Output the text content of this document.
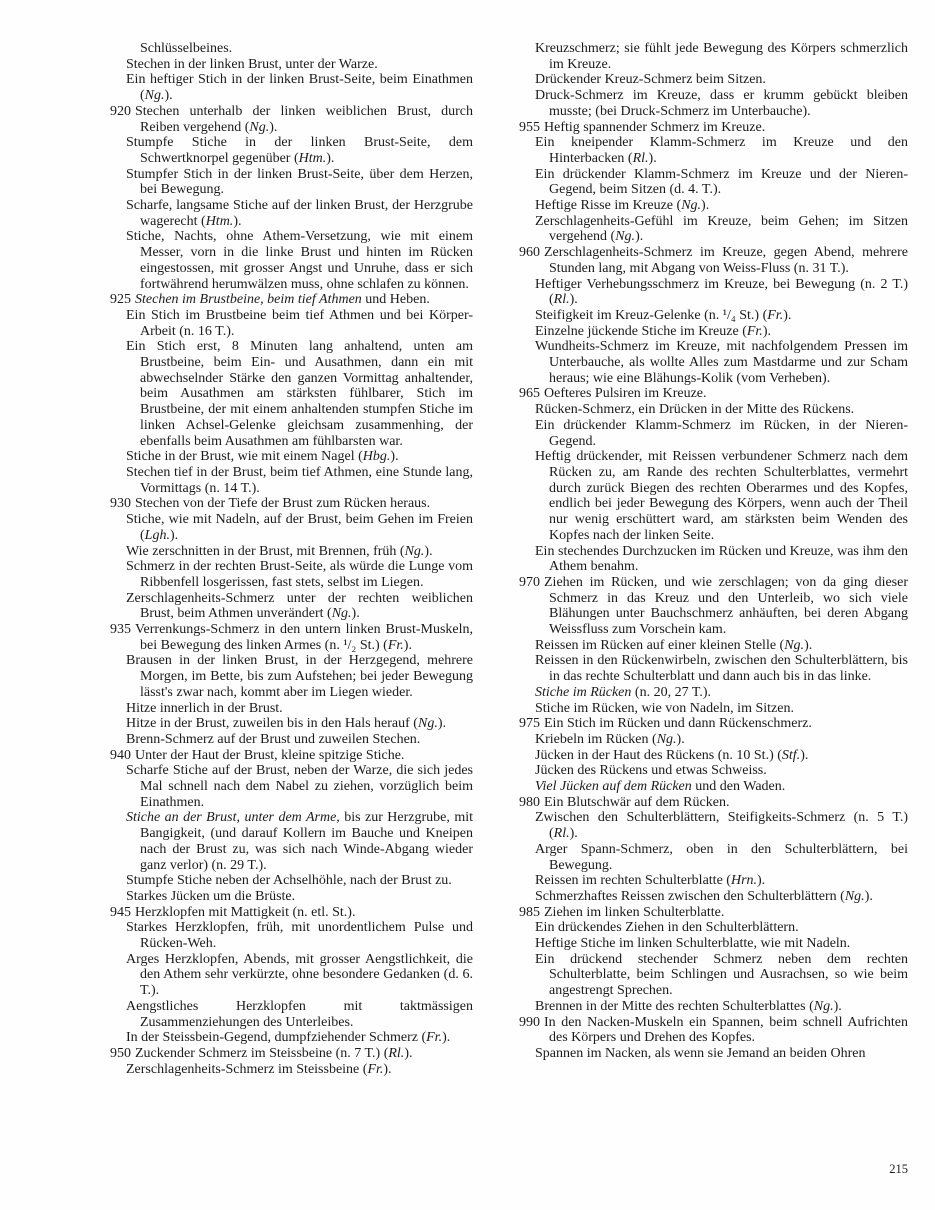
Schlüsselbeines.

Stechen in der linken Brust, unter der Warze.

Ein heftiger Stich in der linken Brust-Seite, beim Einathmen (Ng.).

920 Stechen unterhalb der linken weiblichen Brust, durch Reiben vergehend (Ng.).

Stumpfe Stiche in der linken Brust-Seite, dem Schwertknorpel gegenüber (Htm.).

Stumpfer Stich in der linken Brust-Seite, über dem Herzen, bei Bewegung.

Scharfe, langsame Stiche auf der linken Brust, der Herzgrube wagerecht (Htm.).

Stiche, Nachts, ohne Athem-Versetzung, wie mit einem Messer, vorn in die linke Brust und hinten im Rücken eingestossen, mit grosser Angst und Unruhe, dass er sich fortwährend herumwälzen muss, ohne schlafen zu können.

925 Stechen im Brustbeine, beim tief Athmen und Heben.

Ein Stich im Brustbeine beim tief Athmen und bei Körper-Arbeit (n. 16 T.).

Ein Stich erst, 8 Minuten lang anhaltend, unten am Brustbeine, beim Ein- und Ausathmen, dann ein mit abwechselnder Stärke den ganzen Vormittag anhaltender, beim Ausathmen am stärksten fühlbarer, Stich im Brustbeine, der mit einem anhaltenden stumpfen Stiche im linken Achsel-Gelenke gleichsam zusammenhing, der ebenfalls beim Ausathmen am fühlbarsten war.

Stiche in der Brust, wie mit einem Nagel (Hbg.).

Stechen tief in der Brust, beim tief Athmen, eine Stunde lang, Vormittags (n. 14 T.).

930 Stechen von der Tiefe der Brust zum Rücken heraus.

Stiche, wie mit Nadeln, auf der Brust, beim Gehen im Freien (Lgh.).

Wie zerschnitten in der Brust, mit Brennen, früh (Ng.).

Schmerz in der rechten Brust-Seite, als würde die Lunge vom Ribbenfell losgerissen, fast stets, selbst im Liegen.

Zerschlagenheits-Schmerz unter der rechten weiblichen Brust, beim Athmen unverändert (Ng.).

935 Verrenkungs-Schmerz in den untern linken Brust-Muskeln, bei Bewegung des linken Armes (n. ¹/₂ St.) (Fr.).

Brausen in der linken Brust, in der Herzgegend, mehrere Morgen, im Bette, bis zum Aufstehen; bei jeder Bewegung lässt's zwar nach, kommt aber im Liegen wieder.

Hitze innerlich in der Brust.

Hitze in der Brust, zuweilen bis in den Hals herauf (Ng.).

Brenn-Schmerz auf der Brust und zuweilen Stechen.

940 Unter der Haut der Brust, kleine spitzige Stiche.

Scharfe Stiche auf der Brust, neben der Warze, die sich jedes Mal schnell nach dem Nabel zu ziehen, vorzüglich beim Einathmen.

Stiche an der Brust, unter dem Arme, bis zur Herzgrube, mit Bangigkeit, (und darauf Kollern im Bauche und Kneipen nach der Brust zu, was sich nach Winde-Abgang wieder ganz verlor) (n. 29 T.).

Stumpfe Stiche neben der Achselhöhle, nach der Brust zu.

Starkes Jücken um die Brüste.

945 Herzklopfen mit Mattigkeit (n. etl. St.).

Starkes Herzklopfen, früh, mit unordentlichem Pulse und Rücken-Weh.

Arges Herzklopfen, Abends, mit grosser Aengstlichkeit, die den Athem sehr verkürzte, ohne besondere Gedanken (d. 6. T.).

Aengstliches Herzklopfen mit taktmässigen Zusammenziehungen des Unterleibes.

In der Steissbein-Gegend, dumpfziehender Schmerz (Fr.).

950 Zuckender Schmerz im Steissbeine (n. 7 T.) (Rl.).

Zerschlagenheits-Schmerz im Steissbeine (Fr.).

Kreuzschmerz; sie fühlt jede Bewegung des Körpers schmerzlich im Kreuze.

Drückender Kreuz-Schmerz beim Sitzen.

Druck-Schmerz im Kreuze, dass er krumm gebückt bleiben musste; (bei Druck-Schmerz im Unterbauche).

955 Heftig spannender Schmerz im Kreuze.

Ein kneipender Klamm-Schmerz im Kreuze und den Hinterbacken (Rl.).

Ein drückender Klamm-Schmerz im Kreuze und der Nieren-Gegend, beim Sitzen (d. 4. T.).

Heftige Risse im Kreuze (Ng.).

Zerschlagenheits-Gefühl im Kreuze, beim Gehen; im Sitzen vergehend (Ng.).

960 Zerschlagenheits-Schmerz im Kreuze, gegen Abend, mehrere Stunden lang, mit Abgang von Weiss-Fluss (n. 31 T.).

Heftiger Verhebungsschmerz im Kreuze, bei Bewegung (n. 2 T.) (Rl.).

Steifigkeit im Kreuz-Gelenke (n. ¹/₄ St.) (Fr.).

Einzelne jückende Stiche im Kreuze (Fr.).

Wundheits-Schmerz im Kreuze, mit nachfolgendem Pressen im Unterbauche, als wollte Alles zum Mastdarme und zur Scham heraus; wie eine Blähungs-Kolik (vom Verheben).

965 Oefteres Pulsiren im Kreuze.

Rücken-Schmerz, ein Drücken in der Mitte des Rückens.

Ein drückender Klamm-Schmerz im Rücken, in der Nieren-Gegend.

Heftig drückender, mit Reissen verbundener Schmerz nach dem Rücken zu, am Rande des rechten Schulterblattes, vermehrt durch zurück Biegen des rechten Oberarmes und des Kopfes, endlich bei jeder Bewegung des Körpers, wenn auch der Theil nur wenig erschüttert ward, am stärksten beim Wenden des Kopfes nach der linken Seite.

Ein stechendes Durchzucken im Rücken und Kreuze, was ihm den Athem benahm.

970 Ziehen im Rücken, und wie zerschlagen; von da ging dieser Schmerz in das Kreuz und den Unterleib, wo sich viele Blähungen unter Bauchschmerz anhäuften, bei deren Abgang Weissfluss zum Vorschein kam.

Reissen im Rücken auf einer kleinen Stelle (Ng.).

Reissen in den Rückenwirbeln, zwischen den Schulterblättern, bis in das rechte Schulterblatt und dann auch bis in das linke.

Stiche im Rücken (n. 20, 27 T.).

Stiche im Rücken, wie von Nadeln, im Sitzen.

975 Ein Stich im Rücken und dann Rückenschmerz.

Kriebeln im Rücken (Ng.).

Jücken in der Haut des Rückens (n. 10 St.) (Stf.).

Jücken des Rückens und etwas Schweiss.

Viel Jücken auf dem Rücken und den Waden.

980 Ein Blutschwär auf dem Rücken.

Zwischen den Schulterblättern, Steifigkeits-Schmerz (n. 5 T.) (Rl.).

Arger Spann-Schmerz, oben in den Schulterblättern, bei Bewegung.

Reissen im rechten Schulterblatte (Hrn.).

Schmerzhaftes Reissen zwischen den Schulterblättern (Ng.).

985 Ziehen im linken Schulterblatte.

Ein drückendes Ziehen in den Schulterblättern.

Heftige Stiche im linken Schulterblatte, wie mit Nadeln.

Ein drückend stechender Schmerz neben dem rechten Schulterblatte, beim Schlingen und Ausrachsen, so wie beim angestrengt Sprechen.

Brennen in der Mitte des rechten Schulterblattes (Ng.).

990 In den Nacken-Muskeln ein Spannen, beim schnell Aufrichten des Körpers und Drehen des Kopfes.

Spannen im Nacken, als wenn sie Jemand an beiden Ohren

215
